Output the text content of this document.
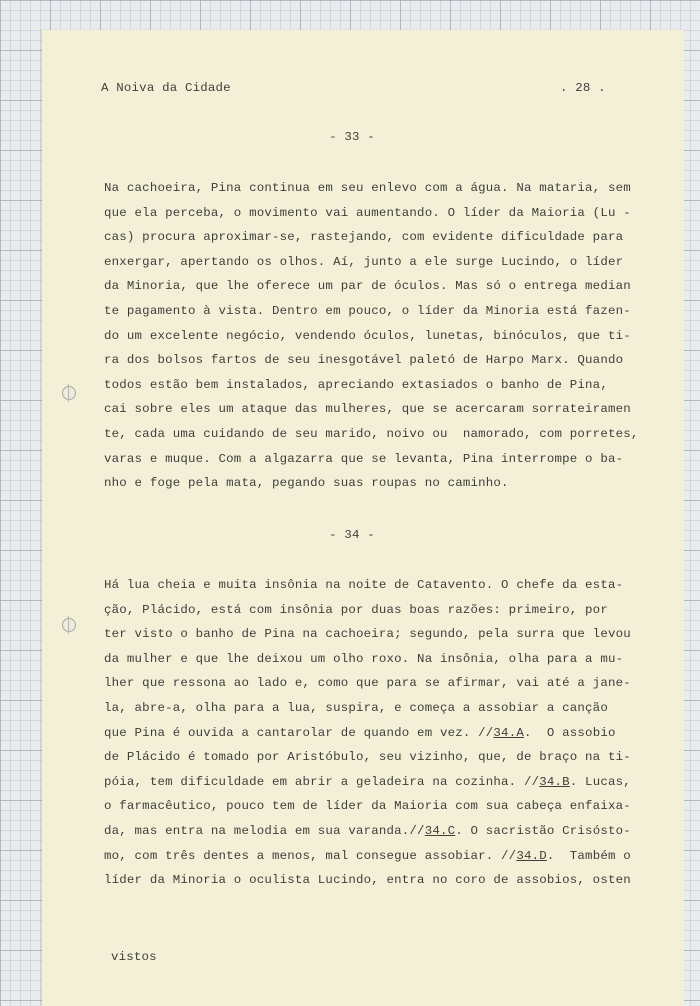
A Noiva da Cidade	. 28 .
- 33 -
Na cachoeira, Pina continua em seu enlevo com a água. Na mataria, sem
que ela perceba, o movimento vai aumentando. O líder da Maioria (Lu -
cas) procura aproximar-se, rastejando, com evidente dificuldade para
enxergar, apertando os olhos. Aí, junto a ele surge Lucindo, o líder
da Minoria, que lhe oferece um par de óculos. Mas só o entrega median
te pagamento à vista. Dentro em pouco, o líder da Minoria está fazen-
do um excelente negócio, vendendo óculos, lunetas, binóculos, que ti-
ra dos bolsos fartos de seu inesgotável paletó de Harpo Marx. Quando
todos estão bem instalados, apreciando extasiados o banho de Pina,
cai sobre eles um ataque das mulheres, que se acercaram sorrateiramen
te, cada uma cuidando de seu marido, noivo ou  namorado, com porretes,
varas e muque. Com a algazarra que se levanta, Pina interrompe o ba-
nho e foge pela mata, pegando suas roupas no caminho.
- 34 -
Há lua cheia e muita insônia na noite de Catavento. O chefe da esta-
ção, Plácido, está com insônia por duas boas razões: primeiro, por
ter visto o banho de Pina na cachoeira; segundo, pela surra que levou
da mulher e que lhe deixou um olho roxo. Na insônia, olha para a mu-
lher que ressona ao lado e, como que para se afirmar, vai até a jane-
la, abre-a, olha para a lua, suspira, e começa a assobiar a canção
que Pina é ouvida a cantarolar de quando em vez. //34.A.  O assobio
de Plácido é tomado por Aristóbulo, seu vizinho, que, de braço na ti-
póia, tem dificuldade em abrir a geladeira na cozinha. //34.B. Lucas,
o farmacêutico, pouco tem de líder da Maioria com sua cabeça enfaixa-
da, mas entra na melodia em sua varanda.//34.C. O sacristão Crisósto-
mo, com três dentes a menos, mal consegue assobiar. //34.D.  Também o
líder da Minoria o oculista Lucindo, entra no coro de assobios, osten
vistos
